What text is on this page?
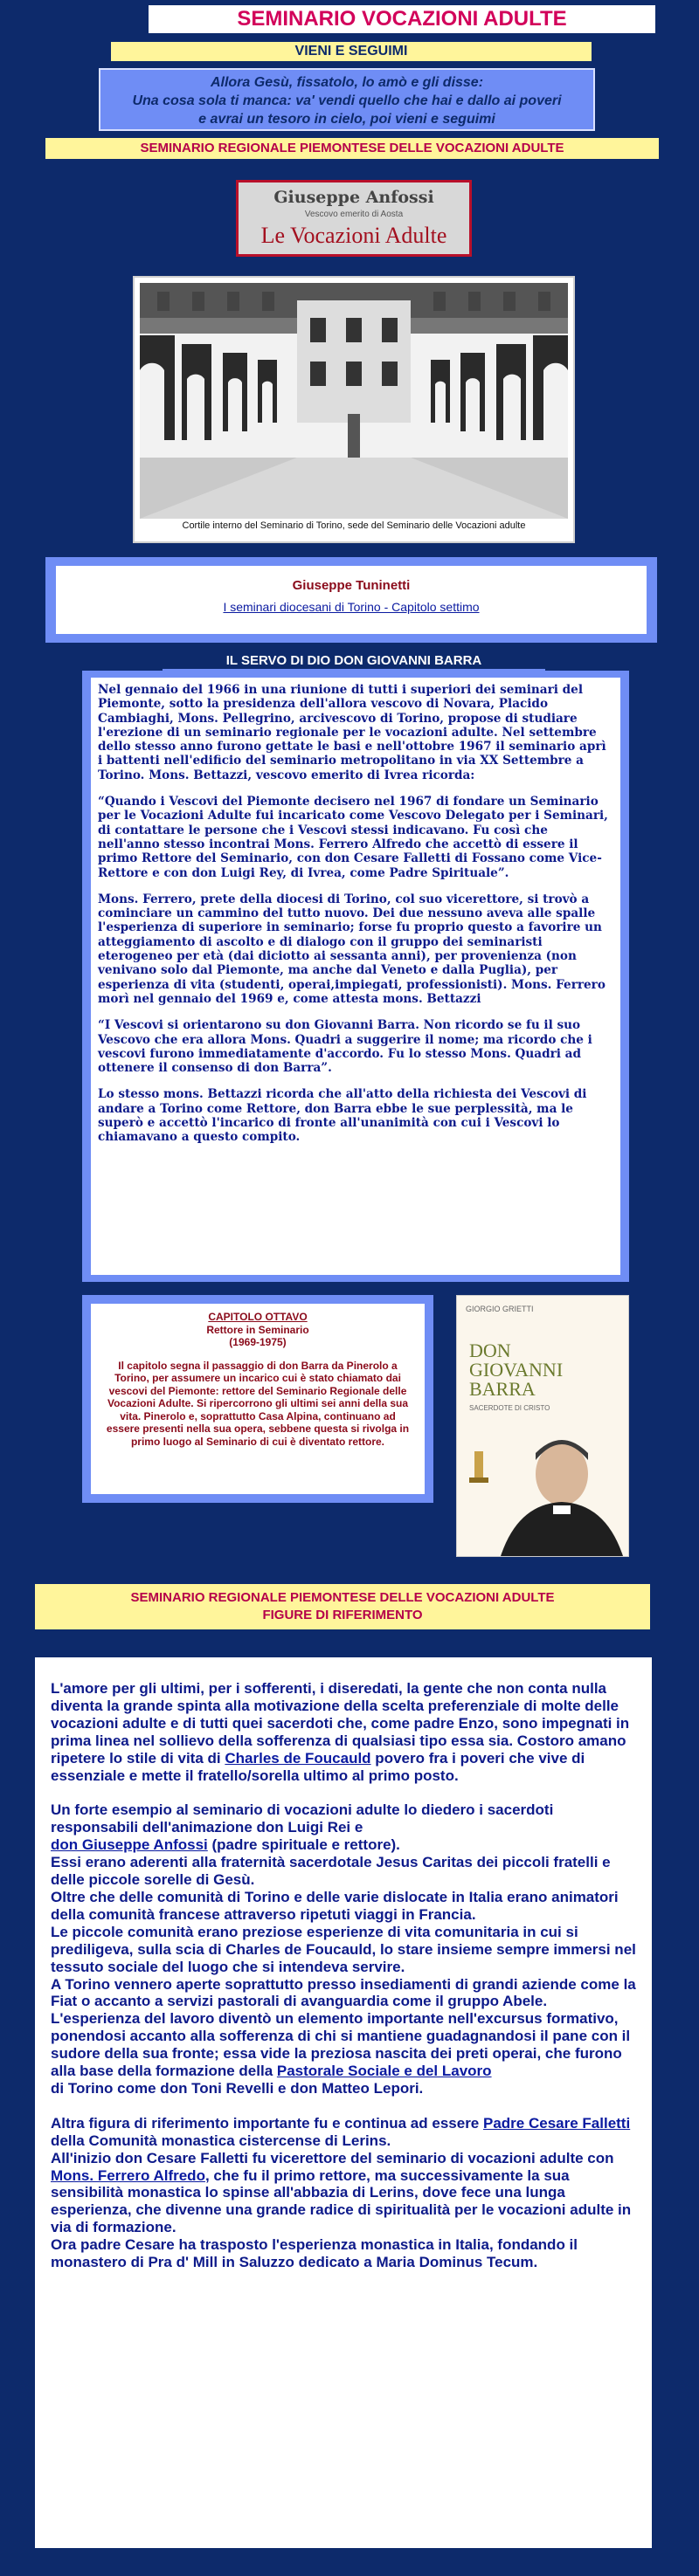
SEMINARIO VOCAZIONI ADULTE
VIENI E SEGUIMI
Allora Gesù, fissatolo, lo amò e gli disse:
Una cosa sola ti manca: va' vendi quello che hai e dallo ai poveri
e avrai un tesoro in cielo, poi vieni e seguimi
SEMINARIO REGIONALE PIEMONTESE DELLE VOCAZIONI ADULTE
Giuseppe Anfossi
Vescovo emerito di Aosta
Le Vocazioni Adulte
Cortile interno del Seminario di Torino, sede del Seminario delle Vocazioni adulte
Giuseppe Tuninetti
I seminari diocesani di Torino - Capitolo settimo
IL SERVO DI DIO DON GIOVANNI BARRA

Nel gennaio del 1966 in una riunione di tutti i superiori dei seminari del Piemonte, sotto la presidenza dell'allora vescovo di Novara, Placido Cambiaghi, Mons. Pellegrino, arcivescovo di Torino, propose di studiare l'erezione di un seminario regionale per le vocazioni adulte. Nel settembre dello stesso anno furono gettate le basi e nell'ottobre 1967 il seminario aprì i battenti nell'edificio del seminario metropolitano in via XX Settembre a Torino. Mons. Bettazzi, vescovo emerito di Ivrea ricorda:

“Quando i Vescovi del Piemonte decisero nel 1967 di fondare un Seminario per le Vocazioni Adulte fui incaricato come Vescovo Delegato per i Seminari, di contattare le persone che i Vescovi stessi indicavano. Fu così che nell'anno stesso incontrai Mons. Ferrero Alfredo che accettò di essere il primo Rettore del Seminario, con don Cesare Falletti di Fossano come Vice- Rettore e con don Luigi Rey, di Ivrea, come Padre Spirituale”.

Mons. Ferrero, prete della diocesi di Torino, col suo vicerettore, si trovò a cominciare un cammino del tutto nuovo. Dei due nessuno aveva alle spalle l'esperienza di superiore in seminario; forse fu proprio questo a favorire un atteggiamento di ascolto e di dialogo con il gruppo dei seminaristi eterogeneo per età (dai diciotto ai sessanta anni), per provenienza (non venivano solo dal Piemonte, ma anche dal Veneto e dalla Puglia), per esperienza di vita (studenti, operai,impiegati, professionisti). Mons. Ferrero morì nel gennaio del 1969 e, come attesta mons. Bettazzi

“I Vescovi si orientarono su don Giovanni Barra. Non ricordo se fu il suo Vescovo che era allora Mons. Quadri a suggerire il nome; ma ricordo che i vescovi furono immediatamente d'accordo. Fu lo stesso Mons. Quadri ad ottenere il consenso di don Barra”.

Lo stesso mons. Bettazzi ricorda che all'atto della richiesta dei Vescovi di andare a Torino come Rettore, don Barra ebbe le sue perplessità, ma le superò e accettò l'incarico di fronte all'unanimità con cui i Vescovi lo chiamavano a questo compito.

CAPITOLO OTTAVO
Rettore in Seminario
(1969-1975)
Il capitolo segna il passaggio di don Barra da Pinerolo a Torino, per assumere un incarico cui è stato chiamato dai vescovi del Piemonte: rettore del Seminario Regionale delle Vocazioni Adulte. Si ripercorrono gli ultimi sei anni della sua vita. Pinerolo e, soprattutto Casa Alpina, continuano ad essere presenti nella sua opera, sebbene questa si rivolga in primo luogo al Seminario di cui è diventato rettore.
GIORGIO GRIETTI
DON
GIOVANNI
BARRA
SACERDOTE DI CRISTO
SEMINARIO REGIONALE PIEMONTESE DELLE VOCAZIONI ADULTE
FIGURE DI RIFERIMENTO

L'amore per gli ultimi, per i sofferenti, i diseredati, la gente che non conta nulla diventa la grande spinta alla motivazione della scelta preferenziale di molte delle vocazioni adulte e di tutti quei sacerdoti che, come padre Enzo, sono impegnati in prima linea nel sollievo della sofferenza di qualsiasi tipo essa sia. Costoro amano ripetere lo stile di vita di Charles de Foucauld povero fra i poveri che vive di essenziale e mette il fratello/sorella ultimo al primo posto.

Un forte esempio al seminario di vocazioni adulte lo diedero i sacerdoti responsabili dell'animazione don Luigi Rei e
don Giuseppe Anfossi (padre spirituale e rettore).
Essi erano aderenti alla fraternità sacerdotale Jesus Caritas dei piccoli fratelli e delle piccole sorelle di Gesù.
Oltre che delle comunità di Torino e delle varie dislocate in Italia erano animatori della comunità francese attraverso ripetuti viaggi in Francia.
Le piccole comunità erano preziose esperienze di vita comunitaria in cui si prediligeva, sulla scia di Charles de Foucauld, lo stare insieme sempre immersi nel tessuto sociale del luogo che si intendeva servire.
A Torino vennero aperte soprattutto presso insediamenti di grandi aziende come la Fiat o accanto a servizi pastorali di avanguardia come il gruppo Abele.
L'esperienza del lavoro diventò un elemento importante nell'excursus formativo, ponendosi accanto alla sofferenza di chi si mantiene guadagnandosi il pane con il sudore della sua fronte; essa vide la preziosa nascita dei preti operai, che furono alla base della formazione della Pastorale Sociale e del Lavoro
di Torino come don Toni Revelli e don Matteo Lepori.

Altra figura di riferimento importante fu e continua ad essere Padre Cesare Falletti della Comunità monastica cistercense di Lerins.
All'inizio don Cesare Falletti fu vicerettore del seminario di vocazioni adulte con Mons. Ferrero Alfredo, che fu il primo rettore, ma successivamente la sua sensibilità monastica lo spinse all'abbazia di Lerins, dove fece una lunga esperienza, che divenne una grande radice di spiritualità per le vocazioni adulte in via di formazione.
Ora padre Cesare ha trasposto l'esperienza monastica in Italia, fondando il monastero di Pra d' Mill in Saluzzo dedicato a Maria Dominus Tecum.
